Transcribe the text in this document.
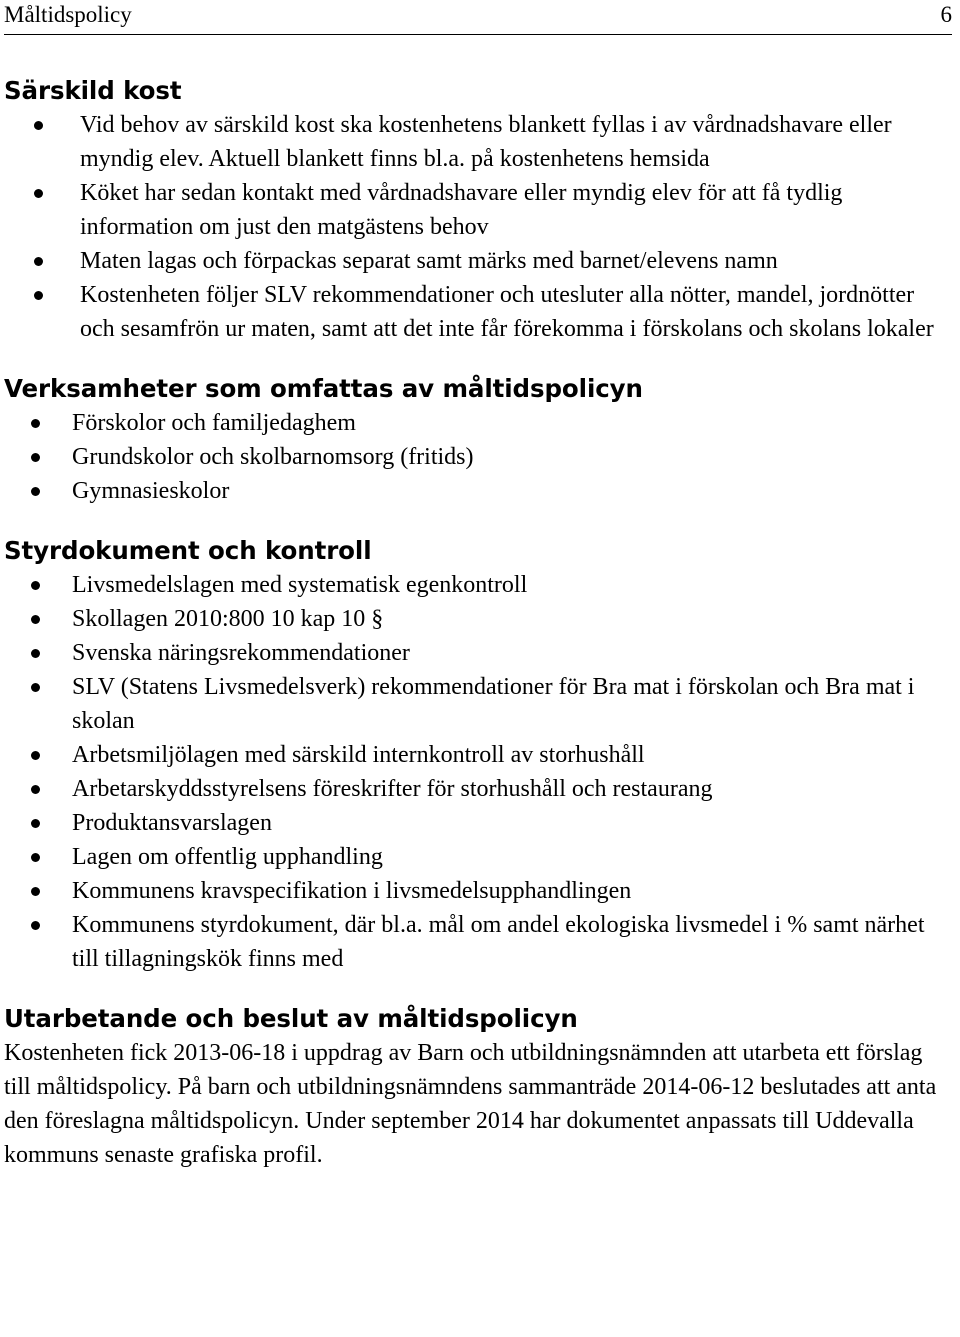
Måltidspolicy	6
Särskild kost
Vid behov av särskild kost ska kostenhetens blankett fyllas i av vårdnadshavare eller myndig elev. Aktuell blankett finns bl.a. på kostenhetens hemsida
Köket har sedan kontakt med vårdnadshavare eller myndig elev för att få tydlig information om just den matgästens behov
Maten lagas och förpackas separat samt märks med barnet/elevens namn
Kostenheten följer SLV rekommendationer och utesluter alla nötter, mandel, jordnötter och sesamfrön ur maten, samt att det inte får förekomma i förskolans och skolans lokaler
Verksamheter som omfattas av måltidspolicyn
Förskolor och familjedaghem
Grundskolor och skolbarnomsorg (fritids)
Gymnasieskolor
Styrdokument och kontroll
Livsmedelslagen med systematisk egenkontroll
Skollagen 2010:800 10 kap 10 §
Svenska näringsrekommendationer
SLV (Statens Livsmedelsverk) rekommendationer för Bra mat i förskolan och Bra mat i skolan
Arbetsmiljölagen med särskild internkontroll av storhushåll
Arbetarskyddsstyrelsens föreskrifter för storhushåll och restaurang
Produktansvarslagen
Lagen om offentlig upphandling
Kommunens kravspecifikation i livsmedelsupphandlingen
Kommunens styrdokument, där bl.a. mål om andel ekologiska livsmedel i % samt närhet till tillagningskök finns med
Utarbetande och beslut av måltidspolicyn

Kostenheten fick 2013-06-18 i uppdrag av Barn och utbildningsnämnden att utarbeta ett förslag till måltidspolicy. På barn och utbildningsnämndens sammanträde 2014-06-12 beslutades att anta den föreslagna måltidspolicyn. Under september 2014 har dokumentet anpassats till Uddevalla kommuns senaste grafiska profil.
